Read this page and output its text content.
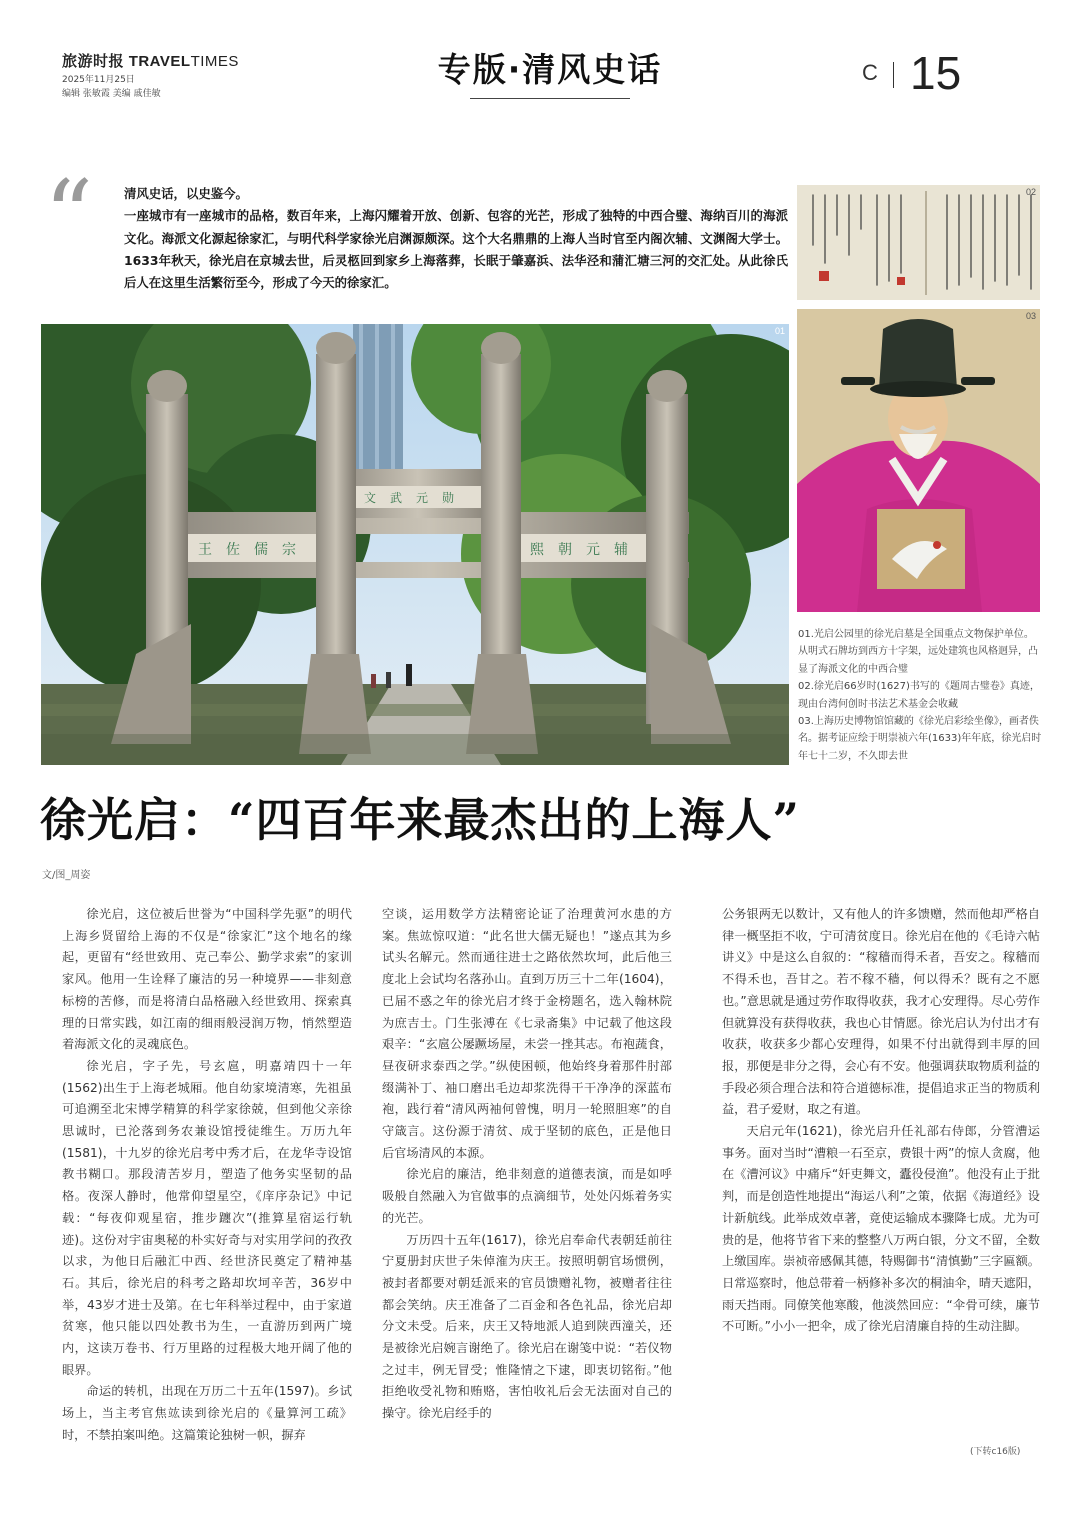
旅游时报 TRAVELTIMES
2025年11月25日
编辑 张敏霞 美编 戚佳敏
专版·清风史话	C 15
“ 清风史话，以史鉴今。
一座城市有一座城市的品格，数百年来，上海闪耀着开放、创新、包容的光芒，形成了独特的中西合璧、海纳百川的海派文化。海派文化源起徐家汇，与明代科学家徐光启渊源颇深。这个大名鼎鼎的上海人当时官至内阁次辅、文渊阁大学士。1633年秋天，徐光启在京城去世，后灵柩回到家乡上海落葬，长眠于肇嘉浜、法华泾和蒲汇塘三河的交汇处。从此徐氏后人在这里生活繁衍至今，形成了今天的徐家汇。
王佐儒宗	熙朝元辅
文武元勋
01
02
03

01.光启公园里的徐光启墓是全国重点文物保护单位。从明式石牌坊到西方十字架，远处建筑也风格迥异，凸显了海派文化的中西合璧

02.徐光启66岁时(1627)书写的《题周古璧卷》真迹，现由台湾何创时书法艺术基金会收藏

03.上海历史博物馆馆藏的《徐光启彩绘坐像》，画者佚名。据考证应绘于明崇祯六年(1633)年年底，徐光启时年七十二岁，不久即去世

徐光启：“四百年来最杰出的上海人”
文/图_周姿

徐光启，这位被后世誉为“中国科学先驱”的明代上海乡贤留给上海的不仅是“徐家汇”这个地名的缘起，更留有“经世致用、克己奉公、勤学求索”的家训家风。他用一生诠释了廉洁的另一种境界——非刻意标榜的苦修，而是将清白品格融入经世致用、探索真理的日常实践，如江南的细雨般浸润万物，悄然塑造着海派文化的灵魂底色。

徐光启，字子先，号玄扈，明嘉靖四十一年(1562)出生于上海老城厢。他自幼家境清寒，先祖虽可追溯至北宋博学精算的科学家徐兢，但到他父亲徐思诚时，已沦落到务农兼设馆授徒维生。万历九年(1581)，十九岁的徐光启考中秀才后，在龙华寺设馆教书糊口。那段清苦岁月，塑造了他务实坚韧的品格。夜深人静时，他常仰望星空，《庠序杂记》中记载：“每夜仰观星宿，推步躔次”(推算星宿运行轨迹)。这份对宇宙奥秘的朴实好奇与对实用学问的孜孜以求，为他日后融汇中西、经世济民奠定了精神基石。其后，徐光启的科考之路却坎坷辛苦，36岁中举，43岁才进士及第。在七年科举过程中，由于家道贫寒，他只能以四处教书为生，一直游历到两广境内，这读万卷书、行万里路的过程极大地开阔了他的眼界。

命运的转机，出现在万历二十五年(1597)。乡试场上，当主考官焦竑读到徐光启的《量算河工疏》时，不禁拍案叫绝。这篇策论独树一帜，摒弃

空谈，运用数学方法精密论证了治理黄河水患的方案。焦竑惊叹道：“此名世大儒无疑也！”遂点其为乡试头名解元。然而通往进士之路依然坎坷，此后他三度北上会试均名落孙山。直到万历三十二年(1604)，已届不惑之年的徐光启才终于金榜题名，选入翰林院为庶吉士。门生张溥在《七录斋集》中记载了他这段艰辛：“玄扈公屡蹶场屋，未尝一挫其志。布袍蔬食，昼夜研求泰西之学。”纵使困顿，他始终身着那件肘部缀满补丁、袖口磨出毛边却浆洗得干干净净的深蓝布袍，践行着“清风两袖何曾愧，明月一轮照胆寒”的自守箴言。这份源于清贫、成于坚韧的底色，正是他日后官场清风的本源。

徐光启的廉洁，绝非刻意的道德表演，而是如呼吸般自然融入为官做事的点滴细节，处处闪烁着务实的光芒。

万历四十五年(1617)，徐光启奉命代表朝廷前往宁夏册封庆世子朱倬㴶为庆王。按照明朝官场惯例，被封者都要对朝廷派来的官员馈赠礼物，被赠者往往都会笑纳。庆王准备了二百金和各色礼品，徐光启却分文未受。后来，庆王又特地派人追到陕西潼关，还是被徐光启婉言谢绝了。徐光启在谢笺中说：“若仪物之过丰，例无冒受；惟隆情之下逮，即衷切铭衔。”他拒绝收受礼物和贿赂，害怕收礼后会无法面对自己的操守。徐光启经手的

公务银两无以数计，又有他人的许多馈赠，然而他却严格自律一概坚拒不收，宁可清贫度日。徐光启在他的《毛诗六帖讲义》中是这么自叙的：“稼穑而得禾者，吾安之。稼穑而不得禾也，吾甘之。若不稼不穑，何以得禾？既有之不愿也。”意思就是通过劳作取得收获，我才心安理得。尽心劳作但就算没有获得收获，我也心甘情愿。徐光启认为付出才有收获，收获多少都心安理得，如果不付出就得到丰厚的回报，那便是非分之得，会心有不安。他强调获取物质利益的手段必须合理合法和符合道德标准，提倡追求正当的物质利益，君子爱财，取之有道。

天启元年(1621)，徐光启升任礼部右侍郎，分管漕运事务。面对当时“漕粮一石至京，费银十两”的惊人贪腐，他在《漕河议》中痛斥“奸吏舞文，蠹役侵渔”。他没有止于批判，而是创造性地提出“海运八利”之策，依据《海道经》设计新航线。此举成效卓著，竟使运输成本骤降七成。尤为可贵的是，他将节省下来的整整八万两白银，分文不留，全数上缴国库。崇祯帝感佩其德，特赐御书“清慎勤”三字匾额。日常巡察时，他总带着一柄修补多次的桐油伞，晴天遮阳，雨天挡雨。同僚笑他寒酸，他淡然回应：“伞骨可续，廉节不可断。”小小一把伞，成了徐光启清廉自持的生动注脚。

(下转c16版)
